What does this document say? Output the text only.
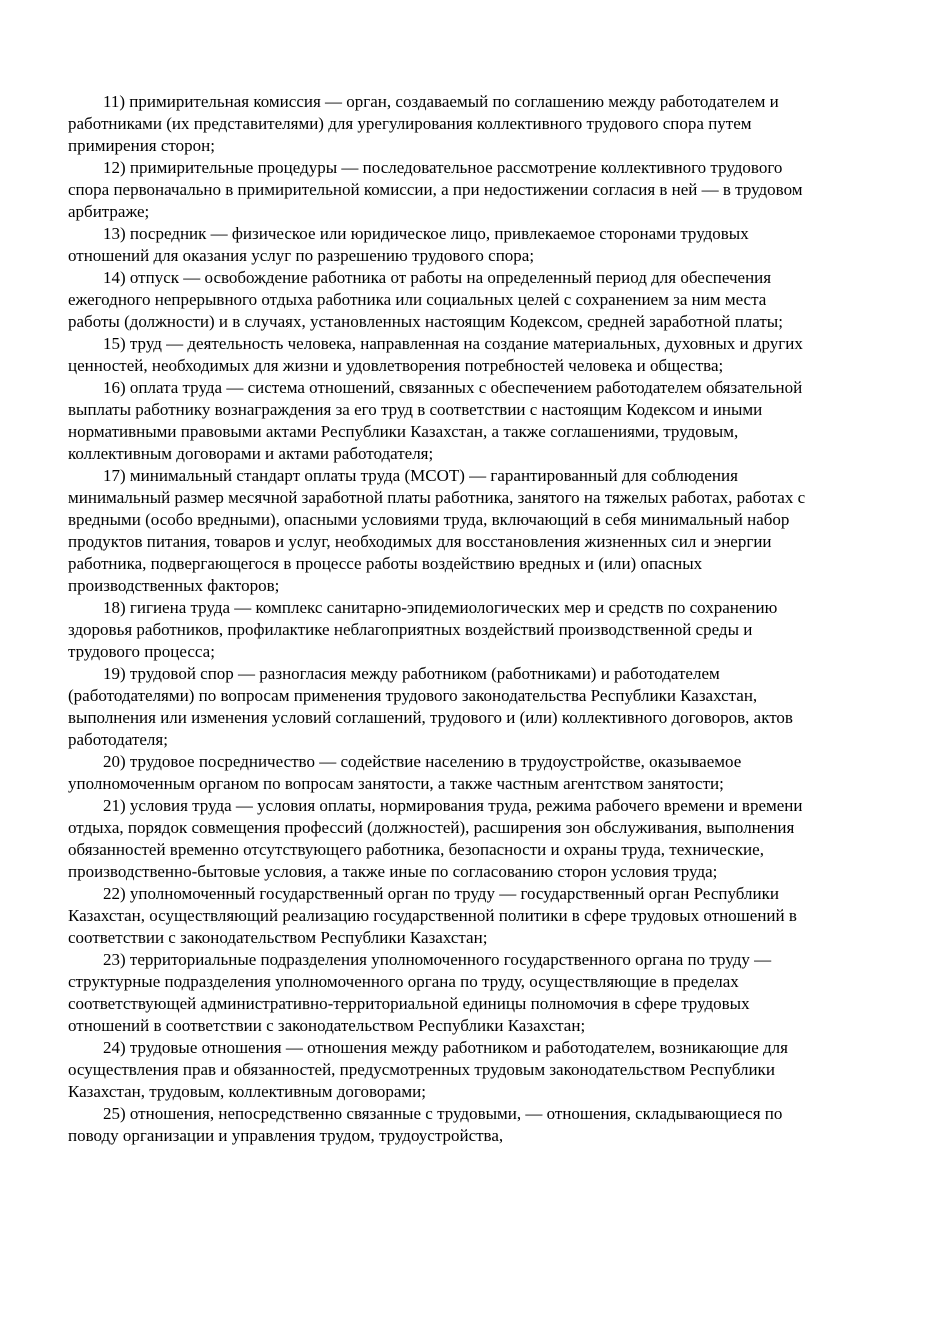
11) примирительная комиссия — орган, создаваемый по соглашению между работодателем и работниками (их представителями) для урегулирования коллективного трудового спора путем примирения сторон;

12) примирительные процедуры — последовательное рассмотрение коллективного трудового спора первоначально в примирительной комиссии, а при недостижении согласия в ней — в трудовом арбитраже;

13) посредник — физическое или юридическое лицо, привлекаемое сторонами трудовых отношений для оказания услуг по разрешению трудового спора;

14) отпуск — освобождение работника от работы на определенный период для обеспечения ежегодного непрерывного отдыха работника или социальных целей с сохранением за ним места работы (должности) и в случаях, установленных настоящим Кодексом, средней заработной платы;

15) труд — деятельность человека, направленная на создание материальных, духовных и других ценностей, необходимых для жизни и удовлетворения потребностей человека и общества;

16) оплата труда — система отношений, связанных с обеспечением работодателем обязательной выплаты работнику вознаграждения за его труд в соответствии с настоящим Кодексом и иными нормативными правовыми актами Республики Казахстан, а также соглашениями, трудовым, коллективным договорами и актами работодателя;

17) минимальный стандарт оплаты труда (МСОТ) — гарантированный для соблюдения минимальный размер месячной заработной платы работника, занятого на тяжелых работах, работах с вредными (особо вредными), опасными условиями труда, включающий в себя минимальный набор продуктов питания, товаров и услуг, необходимых для восстановления жизненных сил и энергии работника, подвергающегося в процессе работы воздействию вредных и (или) опасных производственных факторов;

18) гигиена труда — комплекс санитарно-эпидемиологических мер и средств по сохранению здоровья работников, профилактике неблагоприятных воздействий производственной среды и трудового процесса;

19) трудовой спор — разногласия между работником (работниками) и работодателем (работодателями) по вопросам применения трудового законодательства Республики Казахстан, выполнения или изменения условий соглашений, трудового и (или) коллективного договоров, актов работодателя;

20) трудовое посредничество — содействие населению в трудоустройстве, оказываемое уполномоченным органом по вопросам занятости, а также частным агентством занятости;

21) условия труда — условия оплаты, нормирования труда, режима рабочего времени и времени отдыха, порядок совмещения профессий (должностей), расширения зон обслуживания, выполнения обязанностей временно отсутствующего работника, безопасности и охраны труда, технические, производственно-бытовые условия, а также иные по согласованию сторон условия труда;

22) уполномоченный государственный орган по труду — государственный орган Республики Казахстан, осуществляющий реализацию государственной политики в сфере трудовых отношений в соответствии с законодательством Республики Казахстан;

23) территориальные подразделения уполномоченного государственного органа по труду — структурные подразделения уполномоченного органа по труду, осуществляющие в пределах соответствующей административно-территориальной единицы полномочия в сфере трудовых отношений в соответствии с законодательством Республики Казахстан;

24) трудовые отношения — отношения между работником и работодателем, возникающие для осуществления прав и обязанностей, предусмотренных трудовым законодательством Республики Казахстан, трудовым, коллективным договорами;

25) отношения, непосредственно связанные с трудовыми, — отношения, складывающиеся по поводу организации и управления трудом, трудоустройства,
